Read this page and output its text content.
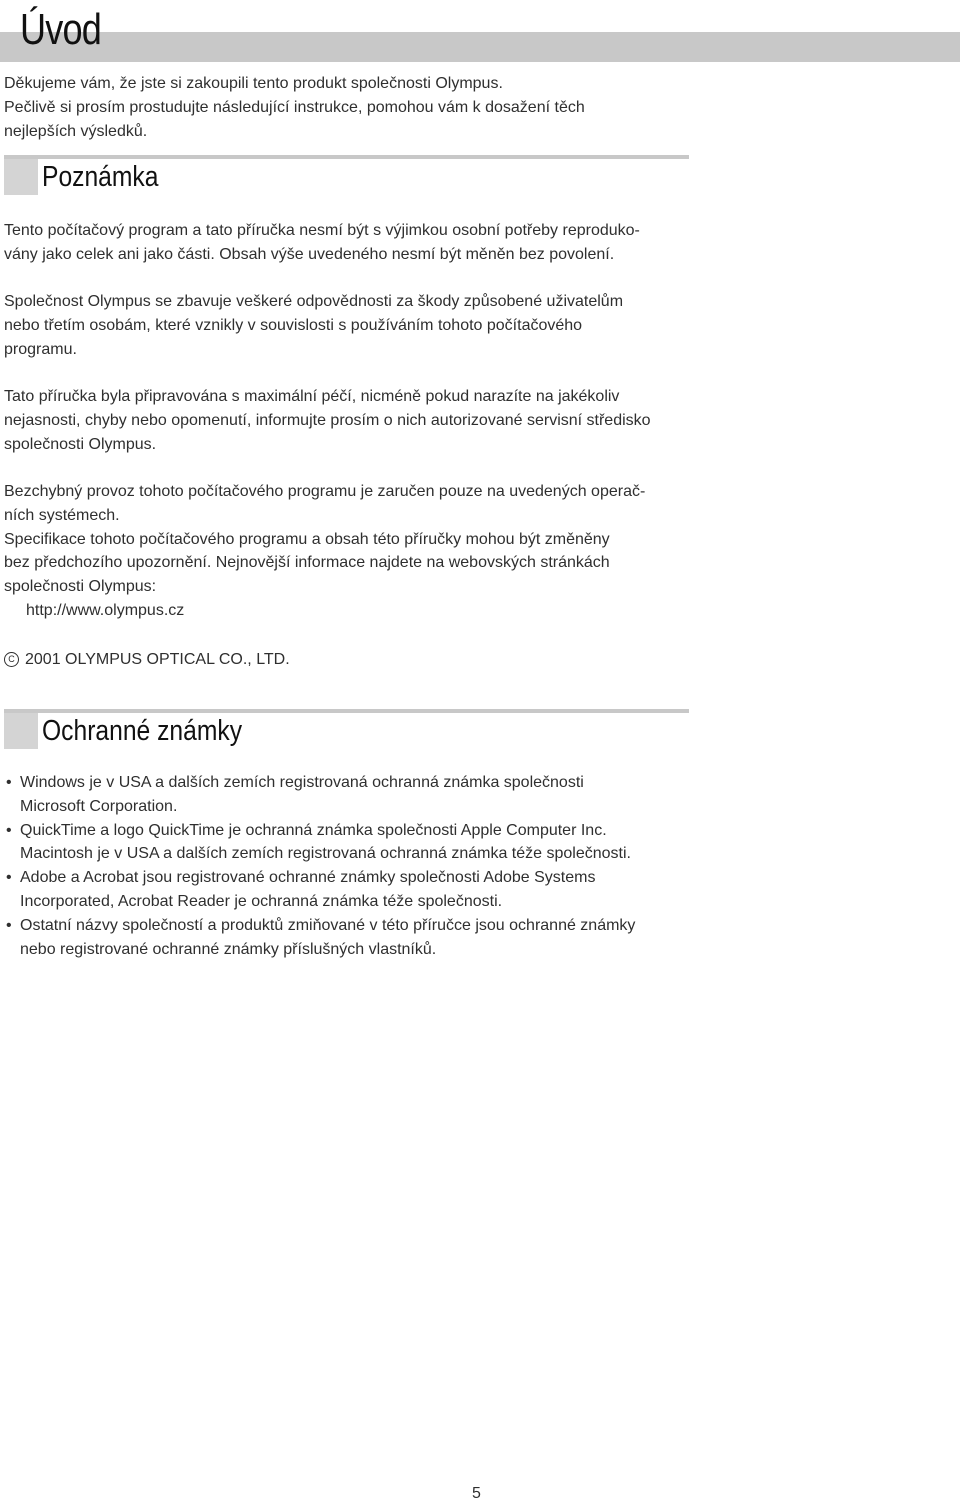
Úvod

Děkujeme vám, že jste si zakoupili tento produkt společnosti Olympus.
Pečlivě si prosím prostudujte následující instrukce, pomohou vám k dosažení těch
nejlepších výsledků.

Poznámka

Tento počítačový program a tato příručka nesmí být s výjimkou osobní potřeby reproduko-
vány jako celek ani jako části. Obsah výše uvedeného nesmí být měněn bez povolení.

Společnost Olympus se zbavuje veškeré odpovědnosti za škody způsobené uživatelům
nebo třetím osobám, které vznikly v souvislosti s používáním tohoto počítačového
programu.

Tato příručka byla připravována s maximální péčí, nicméně pokud narazíte na jakékoliv
nejasnosti, chyby nebo opomenutí, informujte prosím o nich autorizované servisní středisko
společnosti Olympus.

Bezchybný provoz tohoto počítačového programu je zaručen pouze na uvedených operač-
ních systémech.
Specifikace tohoto počítačového programu a obsah této příručky mohou být změněny
bez předchozího upozornění. Nejnovější informace najdete na webovských stránkách
společnosti Olympus:

http://www.olympus.cz
C 2001 OLYMPUS OPTICAL CO., LTD.
Ochranné známky
• Windows je v USA a dalších zemích registrovaná ochranná známka společnosti
Microsoft Corporation.
• QuickTime a logo QuickTime je ochranná známka společnosti Apple Computer Inc.
Macintosh je v USA a dalších zemích registrovaná ochranná známka téže společnosti.
• Adobe a Acrobat jsou registrované ochranné známky společnosti Adobe Systems
Incorporated, Acrobat Reader je ochranná známka téže společnosti.
• Ostatní názvy společností a produktů zmiňované v této příručce jsou ochranné známky
nebo registrované ochranné známky příslušných vlastníků.
5
